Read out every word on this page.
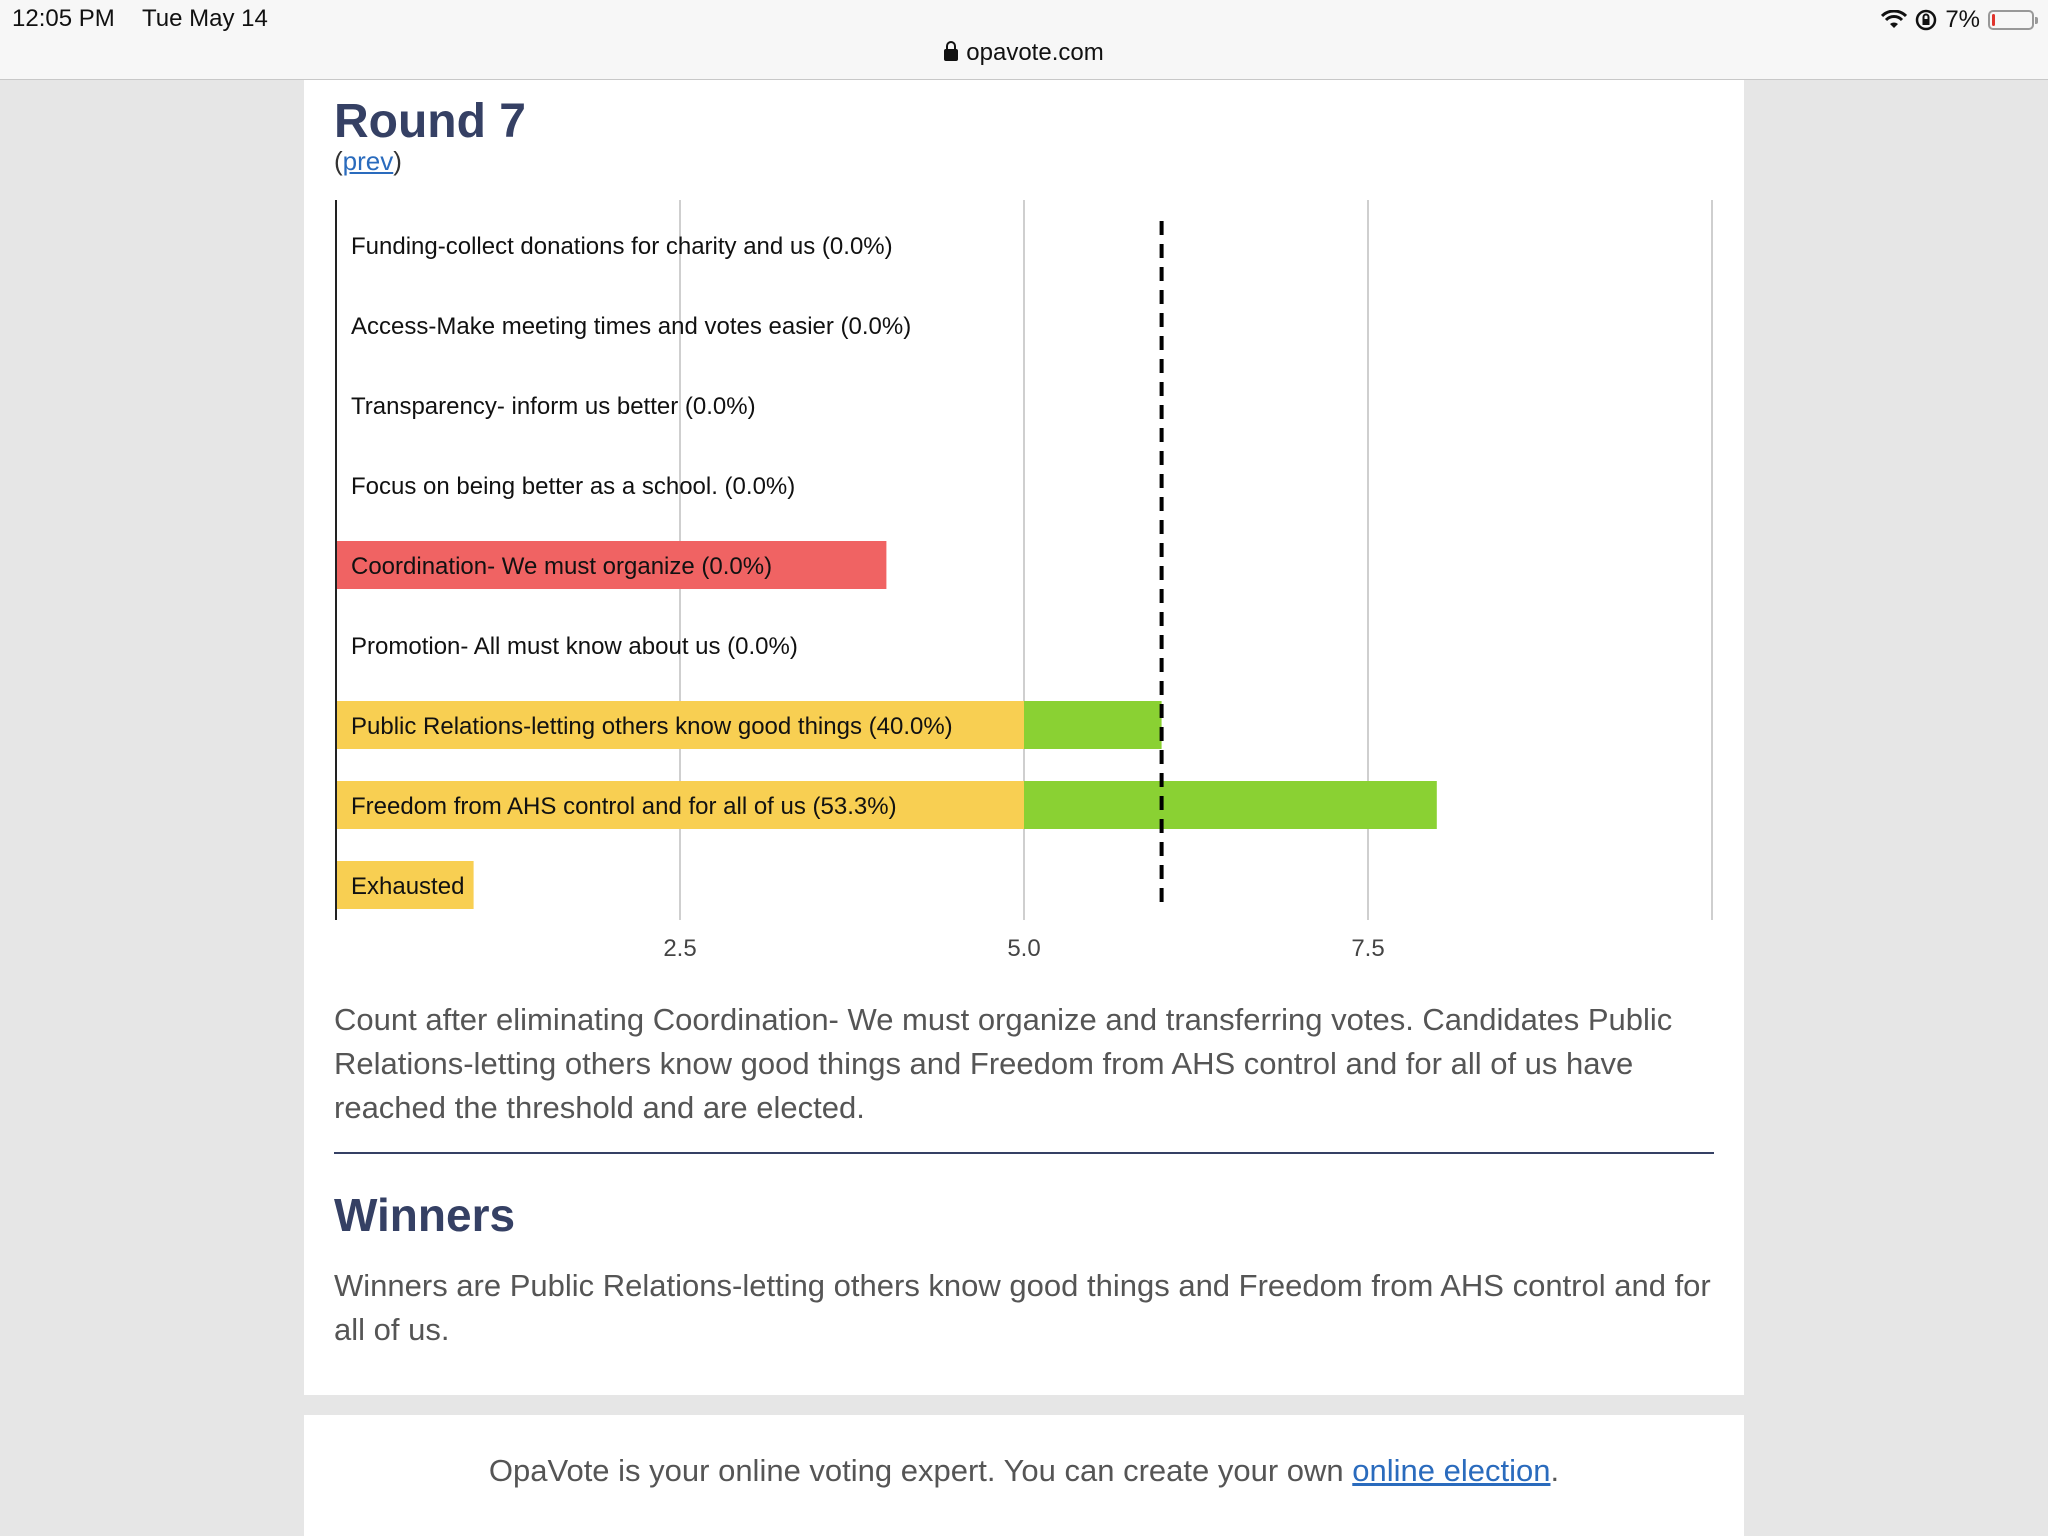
12:05 PM Tue May 14	7%
opavote.com
Round 7
(prev)
Funding-collect donations for charity and us (0.0%)
Access-Make meeting times and votes easier (0.0%)
Transparency- inform us better (0.0%)
Focus on being better as a school. (0.0%)
Coordination- We must organize (0.0%)
Promotion- All must know about us (0.0%)
Public Relations-letting others know good things (40.0%)
Freedom from AHS control and for all of us (53.3%)
Exhausted
2.5	5.0	7.5

Count after eliminating Coordination- We must organize and transferring votes. Candidates Public Relations-letting others know good things and Freedom from AHS control and for all of us have reached the threshold and are elected.

Winners

Winners are Public Relations-letting others know good things and Freedom from AHS control and for all of us.

OpaVote is your online voting expert. You can create your own online election.
